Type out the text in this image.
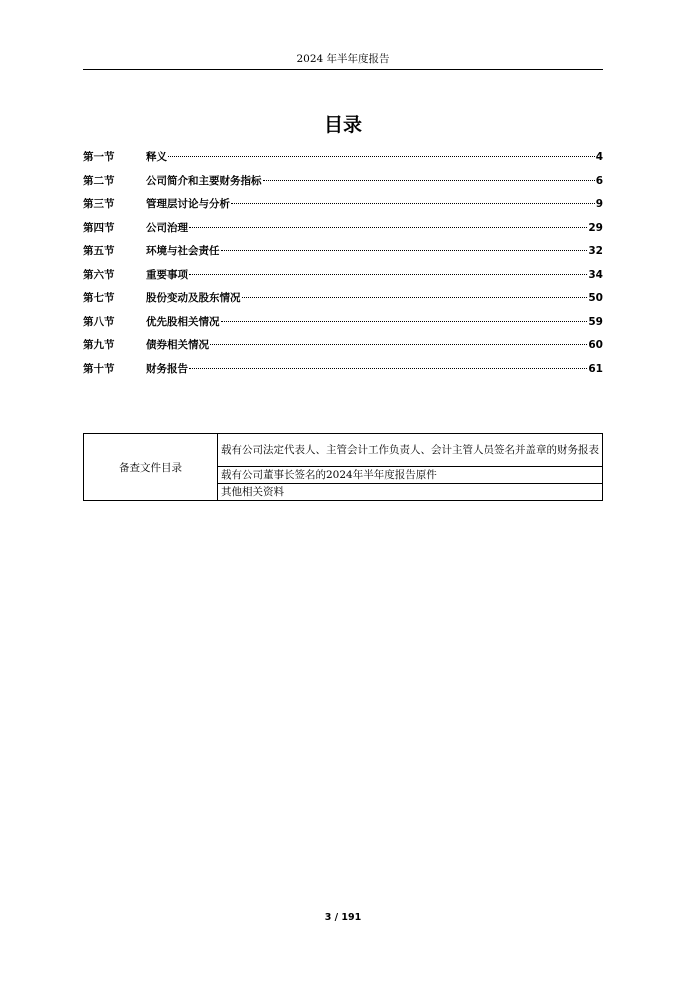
2024 年半年度报告
目录
第一节	释义	4
第二节	公司简介和主要财务指标	6
第三节	管理层讨论与分析	9
第四节	公司治理	29
第五节	环境与社会责任	32
第六节	重要事项	34
第七节	股份变动及股东情况	50
第八节	优先股相关情况	59
第九节	债券相关情况	60
第十节	财务报告	61
备查文件目录	载有公司法定代表人、主管会计工作负责人、会计主管人员签名并盖章的财务报表
载有公司董事长签名的2024年半年度报告原件
其他相关资料
3 / 191
